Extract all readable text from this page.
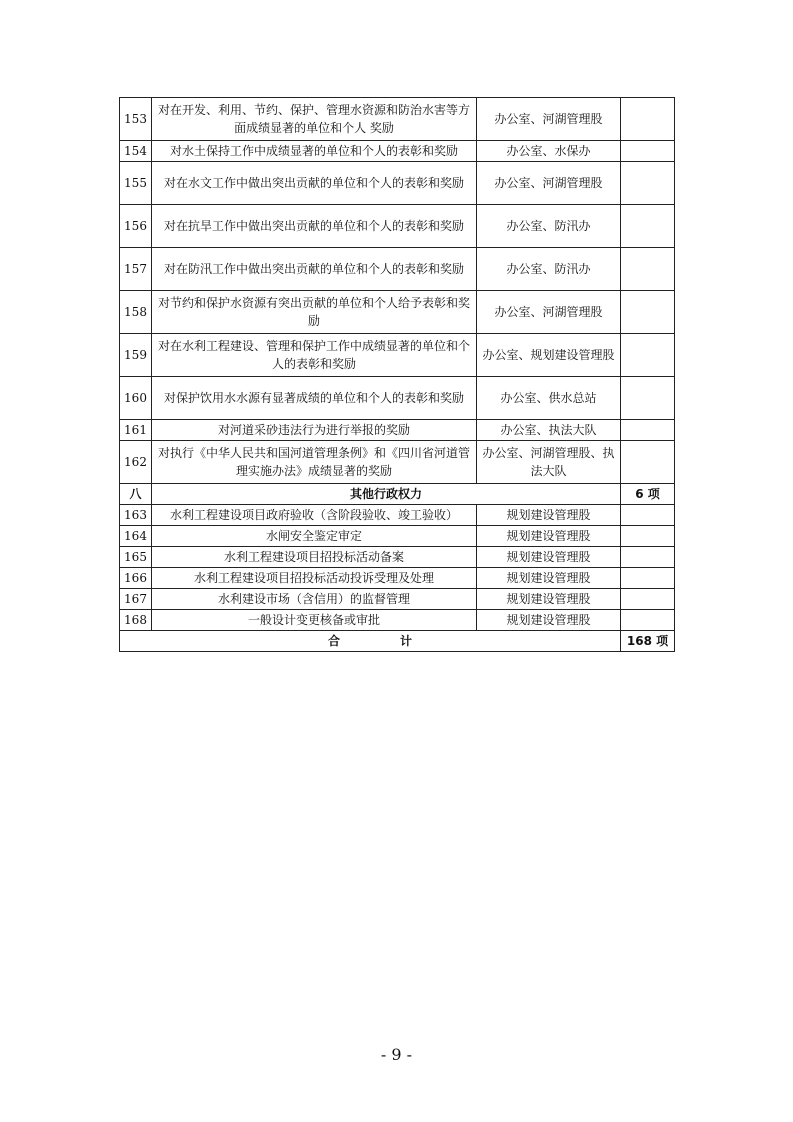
153	对在开发、利用、节约、保护、管理水资源和防治水害等方面成绩显著的单位和个人 奖励	办公室、河湖管理股	
154	对水土保持工作中成绩显著的单位和个人的表彰和奖励	办公室、水保办	
155	对在水文工作中做出突出贡献的单位和个人的表彰和奖励	办公室、河湖管理股	
156	对在抗旱工作中做出突出贡献的单位和个人的表彰和奖励	办公室、防汛办	
157	对在防汛工作中做出突出贡献的单位和个人的表彰和奖励	办公室、防汛办	
158	对节约和保护水资源有突出贡献的单位和个人给予表彰和奖励	办公室、河湖管理股	
159	对在水利工程建设、管理和保护工作中成绩显著的单位和个人的表彰和奖励	办公室、规划建设管理股	
160	对保护饮用水水源有显著成绩的单位和个人的表彰和奖励	办公室、供水总站	
161	对河道采砂违法行为进行举报的奖励	办公室、执法大队	
162	对执行《中华人民共和国河道管理条例》和《四川省河道管理实施办法》成绩显著的奖励	办公室、河湖管理股、执法大队	
八	其他行政权力		6 项
163	水利工程建设项目政府验收（含阶段验收、竣工验收）	规划建设管理股	
164	水闸安全鉴定审定	规划建设管理股	
165	水利工程建设项目招投标活动备案	规划建设管理股	
166	水利工程建设项目招投标活动投诉受理及处理	规划建设管理股	
167	水利建设市场（含信用）的监督管理	规划建设管理股	
168	一般设计变更核备或审批	规划建设管理股	
合计			168 项
- 9 -
